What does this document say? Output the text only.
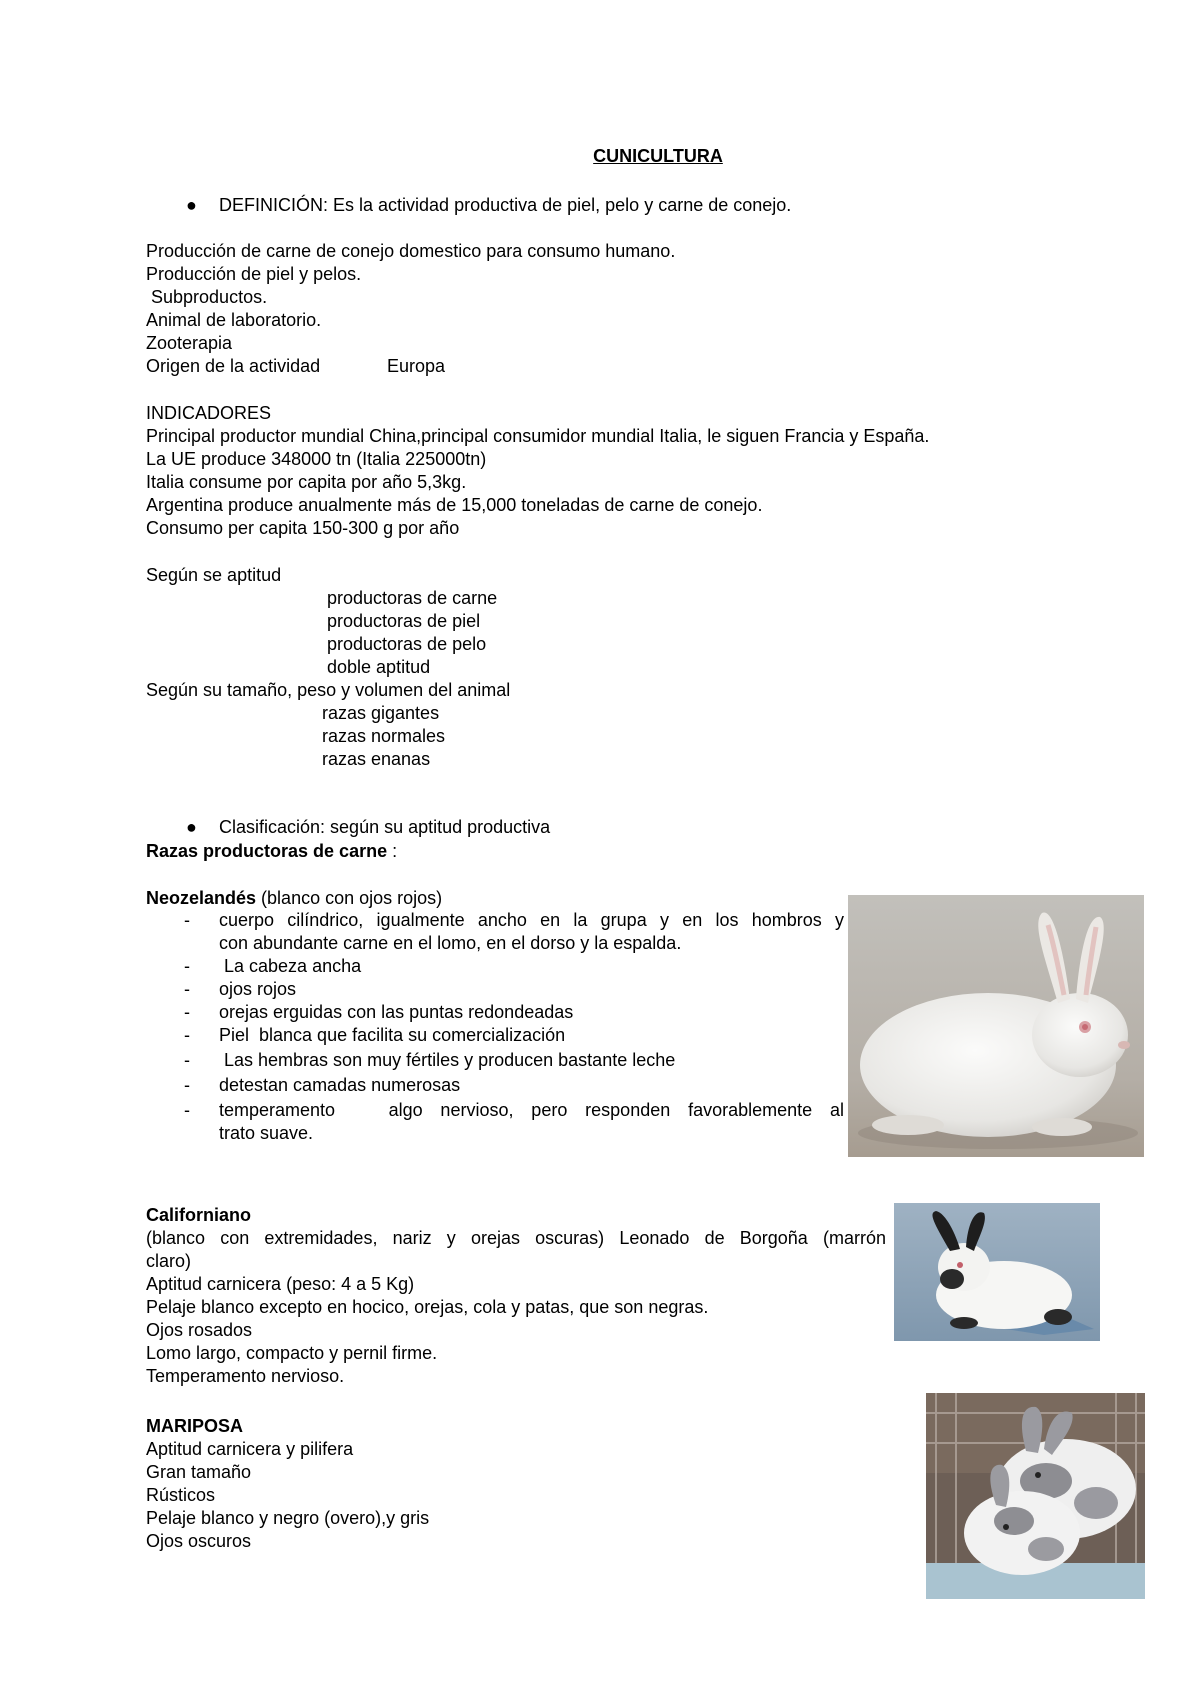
CUNICULTURA
● DEFINICIÓN: Es la actividad productiva de piel, pelo y carne de conejo.
Producción de carne de conejo domestico para consumo humano.
Producción de piel y pelos.
Subproductos.
Animal de laboratorio.
Zooterapia
Origen de la actividad	Europa
INDICADORES
Principal productor mundial China,principal consumidor mundial Italia, le siguen Francia y España.
La UE produce 348000 tn (Italia 225000tn)
Italia consume por capita por año 5,3kg.
Argentina produce anualmente más de 15,000 toneladas de carne de conejo.
Consumo per capita 150-300 g por año
Según se aptitud
productoras de carne
productoras de piel
productoras de pelo
doble aptitud
Según su tamaño, peso y volumen del animal
razas gigantes
razas normales
razas enanas
● Clasificación: según su aptitud productiva
Razas productoras de carne :
Neozelandés (blanco con ojos rojos)
- cuerpo cilíndrico, igualmente ancho en la grupa y en los hombros y
con abundante carne en el lomo, en el dorso y la espalda.
- La cabeza ancha
- ojos rojos
- orejas erguidas con las puntas redondeadas
- Piel  blanca que facilita su comercialización
- Las hembras son muy fértiles y producen bastante leche
- detestan camadas numerosas
- temperamento   algo nervioso, pero responden favorablemente al
trato suave.
Californiano
(blanco con extremidades, nariz y orejas oscuras) Leonado de Borgoña (marrón
claro)
Aptitud carnicera (peso: 4 a 5 Kg)
Pelaje blanco excepto en hocico, orejas, cola y patas, que son negras.
Ojos rosados
Lomo largo, compacto y pernil firme.
Temperamento nervioso.
MARIPOSA
Aptitud carnicera y pilifera
Gran tamaño
Rústicos
Pelaje blanco y negro (overo),y gris
Ojos oscuros
